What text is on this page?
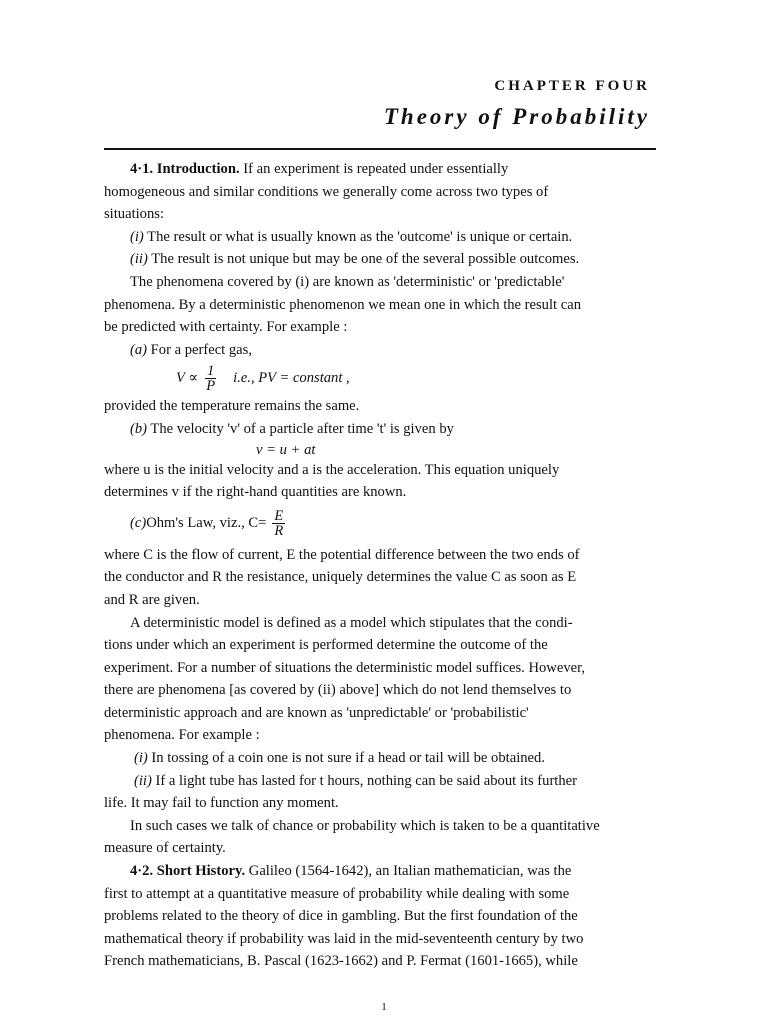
CHAPTER FOUR
Theory of Probability
4·1. Introduction. If an experiment is repeated under essentially
homogeneous and similar conditions we generally come across two types of
situations:
(i) The result or what is usually known as the 'outcome' is unique or certain.
(ii) The result is not unique but may be one of the several possible outcomes.
The phenomena covered by (i) are known as 'deterministic' or 'predictable'
phenomena. By a deterministic phenomenon we mean one in which the result can
be predicted with certainty. For example :
(a) For a perfect gas,
$V \propto \frac{1}{P} i.e$., PV = constant ,
provided the temperature remains the same.
(b) The velocity 'v' of a particle after time 't' is given by
v = u + at
where u is the initial velocity and a is the acceleration. This equation uniquely
determines v if the right-hand quantities are known.
(c) Ohm's Law, viz., $C= \frac{E}{R}$
where C is the flow of current, E the potential difference between the two ends of
the conductor and R the resistance, uniquely determines the value C as soon as E
and R are given.
A deterministic model is defined as a model which stipulates that the condi-
tions under which an experiment is performed determine the outcome of the
experiment. For a number of situations the deterministic model suffices. However,
there are phenomena [as covered by (ii) above] which do not lend themselves to
deterministic approach and are known as 'unpredictable' or 'probabilistic'
phenomena. For example :
(i) In tossing of a coin one is not sure if a head or tail will be obtained.
(ii) If a light tube has lasted for t hours, nothing can be said about its further
life. It may fail to function any moment.
In such cases we talk of chance or probability which is taken to be a quantitative
measure of certainty.
4·2. Short History. Galileo (1564-1642), an Italian mathematician, was the
first to attempt at a quantitative measure of probability while dealing with some
problems related to the theory of dice in gambling. But the first foundation of the
mathematical theory if probability was laid in the mid-seventeenth century by two
French mathematicians, B. Pascal (1623-1662) and P. Fermat (1601-1665), while
1
